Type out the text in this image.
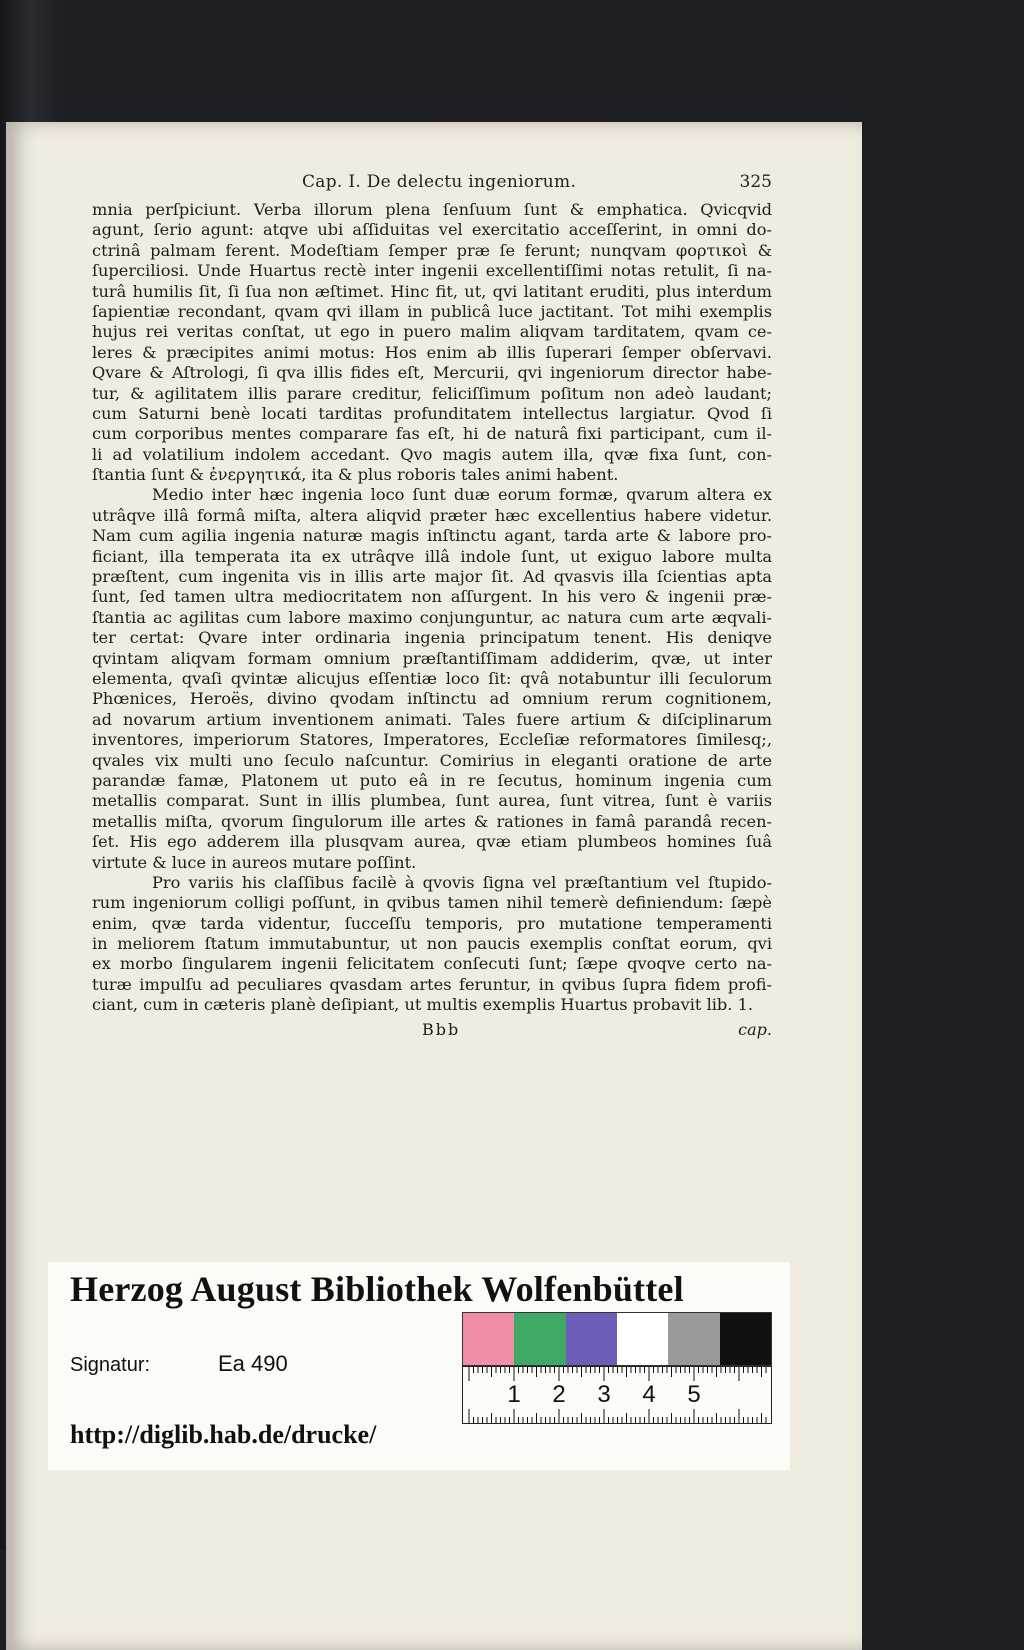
Cap. I. De delectu ingeniorum.	325
mnia perſpiciunt. Verba illorum plena ſenſuum ſunt & emphatica. Qvicqvid
agunt, ſerio agunt: atqve ubi aſſiduitas vel exercitatio acceſſerint, in omni do-
ctrinâ palmam ferent. Modeſtiam ſemper præ ſe ferunt; nunqvam φορτικοὶ &
ſuperciliosi. Unde Huartus rectè inter ingenii excellentiſſimi notas retulit, ſi na-
turâ humilis ſit, ſi ſua non æſtimet. Hinc fit, ut, qvi latitant eruditi, plus interdum
ſapientiæ recondant, qvam qvi illam in publicâ luce jactitant. Tot mihi exemplis
hujus rei veritas conſtat, ut ego in puero malim aliqvam tarditatem, qvam ce-
leres & præcipites animi motus: Hos enim ab illis ſuperari ſemper obſervavi.
Qvare & Aſtrologi, ſi qva illis fides eſt, Mercurii, qvi ingeniorum director habe-
tur, & agilitatem illis parare creditur, feliciſſimum poſitum non adeò laudant;
cum Saturni benè locati tarditas profunditatem intellectus largiatur. Qvod ſi
cum corporibus mentes comparare fas eſt, hi de naturâ fixi participant, cum il-
li ad volatilium indolem accedant. Qvo magis autem illa, qvæ fixa ſunt, con-
ſtantia ſunt & ἐνεργητικά, ita & plus roboris tales animi habent.
Medio inter hæc ingenia loco ſunt duæ eorum formæ, qvarum altera ex
utrâqve illâ formâ miſta, altera aliqvid præter hæc excellentius habere videtur.
Nam cum agilia ingenia naturæ magis inſtinctu agant, tarda arte & labore pro-
ficiant, illa temperata ita ex utrâqve illâ indole ſunt, ut exiguo labore multa
præſtent, cum ingenita vis in illis arte major ſit. Ad qvasvis illa ſcientias apta
ſunt, ſed tamen ultra mediocritatem non aſſurgent. In his vero & ingenii præ-
ſtantia ac agilitas cum labore maximo conjunguntur, ac natura cum arte æqvali-
ter certat: Qvare inter ordinaria ingenia principatum tenent. His deniqve
qvintam aliqvam formam omnium præſtantiſſimam addiderim, qvæ, ut inter
elementa, qvaſi qvintæ alicujus eſſentiæ loco ſit: qvâ notabuntur illi ſeculorum
Phœnices, Heroës, divino qvodam inſtinctu ad omnium rerum cognitionem,
ad novarum artium inventionem animati. Tales fuere artium & diſciplinarum
inventores, imperiorum Statores, Imperatores, Eccleſiæ reformatores ſimilesq;,
qvales vix multi uno ſeculo naſcuntur. Comirius in eleganti oratione de arte
parandæ famæ, Platonem ut puto eâ in re ſecutus, hominum ingenia cum
metallis comparat. Sunt in illis plumbea, ſunt aurea, ſunt vitrea, ſunt è variis
metallis miſta, qvorum ſingulorum ille artes & rationes in famâ parandâ recen-
ſet. His ego adderem illa plusqvam aurea, qvæ etiam plumbeos homines ſuâ
virtute & luce in aureos mutare poſſint.
Pro variis his claſſibus facilè à qvovis ſigna vel præſtantium vel ſtupido-
rum ingeniorum colligi poſſunt, in qvibus tamen nihil temerè definiendum: ſæpè
enim, qvæ tarda videntur, ſucceſſu temporis, pro mutatione temperamenti
in meliorem ſtatum immutabuntur, ut non paucis exemplis conſtat eorum, qvi
ex morbo ſingularem ingenii felicitatem conſecuti ſunt; ſæpe qvoqve certo na-
turæ impulſu ad peculiares qvasdam artes feruntur, in qvibus ſupra fidem profi-
ciant, cum in cæteris planè deſipiant, ut multis exemplis Huartus probavit lib. 1.
Bbb	cap.
Herzog August Bibliothek Wolfenbüttel
Signatur:	Ea 490
http://diglib.hab.de/drucke/
1 2 3 4 5
